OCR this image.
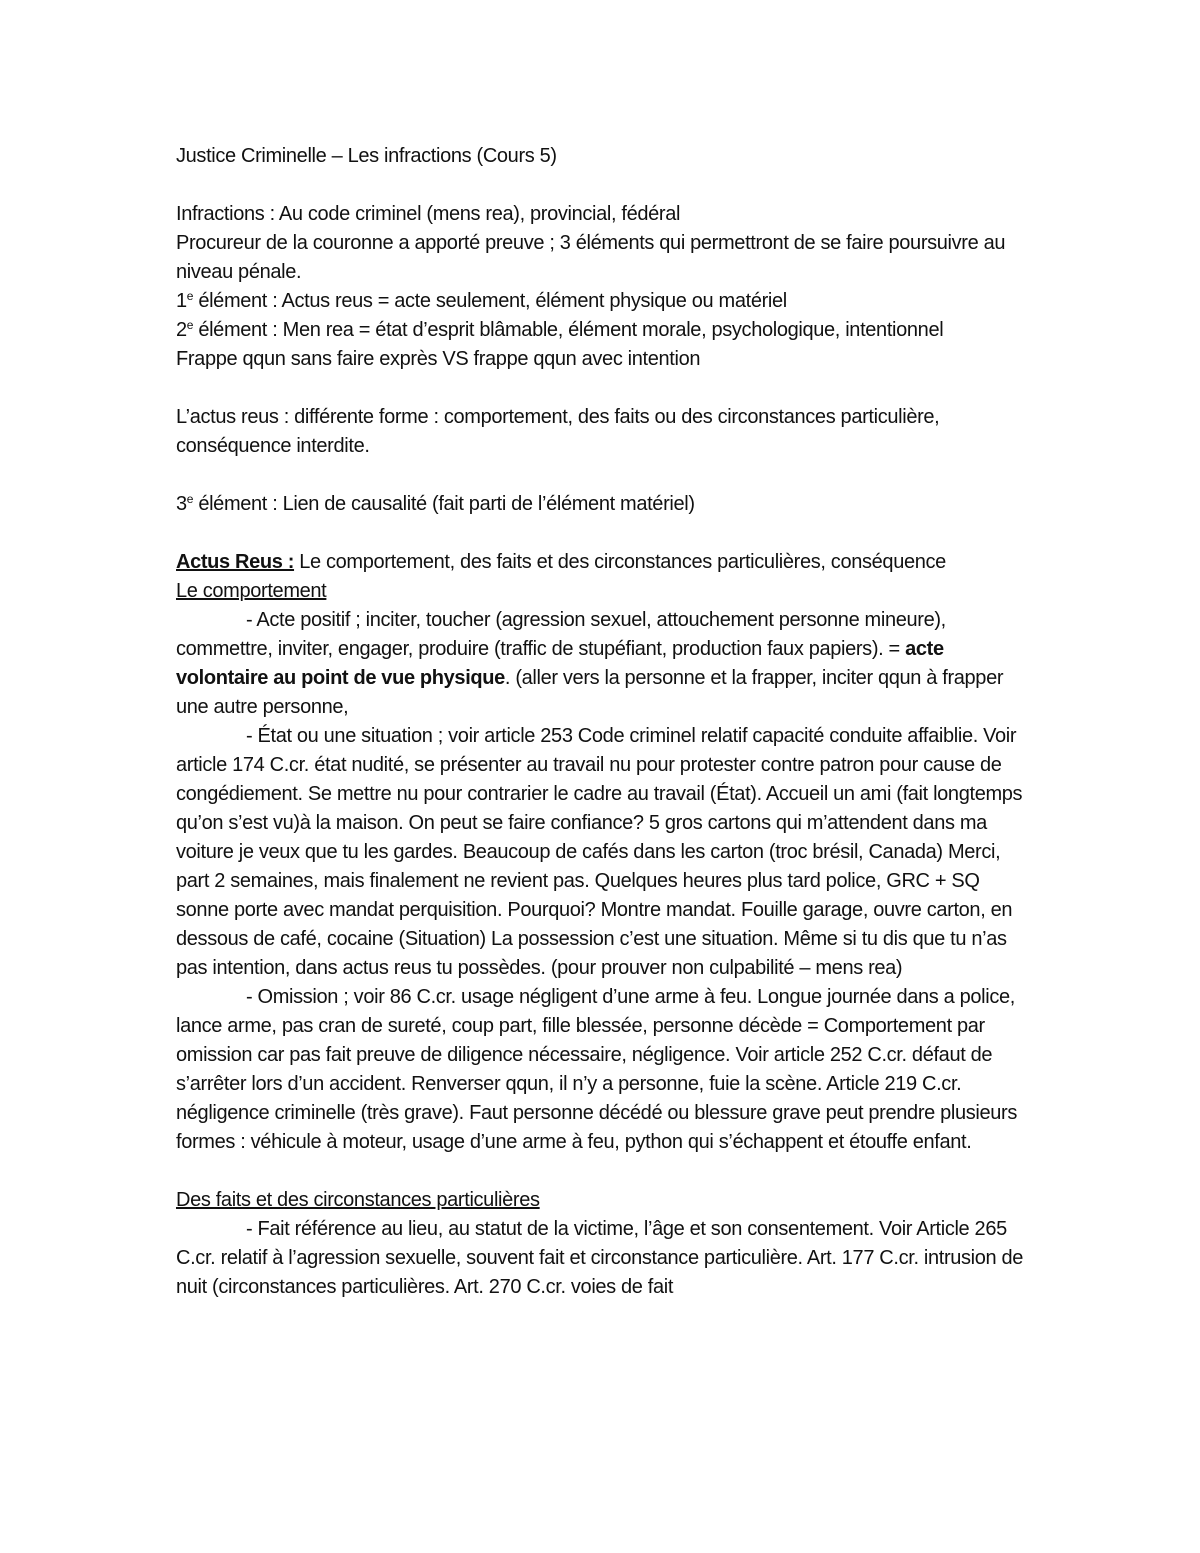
Justice Criminelle – Les infractions (Cours 5)

Infractions : Au code criminel (mens rea), provincial, fédéral

Procureur de la couronne a apporté preuve ; 3 éléments qui permettront de se faire poursuivre au niveau pénale.

1e élément : Actus reus = acte seulement, élément physique ou matériel

2e élément : Men rea = état d’esprit blâmable, élément morale, psychologique, intentionnel

Frappe qqun sans faire exprès VS frappe qqun avec intention

L’actus reus : différente forme : comportement, des faits ou des circonstances particulière, conséquence interdite.

3e élément : Lien de causalité (fait parti de l’élément matériel)

Actus Reus : Le comportement, des faits et des circonstances particulières, conséquence

Le comportement

- Acte positif ; inciter, toucher (agression sexuel, attouchement personne mineure), commettre, inviter, engager, produire (traffic de stupéfiant, production faux papiers). = acte volontaire au point de vue physique. (aller vers la personne et la frapper, inciter qqun à frapper une autre personne,

- État ou une situation ; voir article 253 Code criminel relatif capacité conduite affaiblie. Voir article 174 C.cr. état nudité, se présenter au travail nu pour protester contre patron pour cause de congédiement. Se mettre nu pour contrarier le cadre au travail (État). Accueil un ami (fait longtemps qu’on s’est vu)à la maison. On peut se faire confiance? 5 gros cartons qui m’attendent dans ma voiture je veux que tu les gardes. Beaucoup de cafés dans les carton (troc brésil, Canada) Merci, part 2 semaines, mais finalement ne revient pas. Quelques heures plus tard police, GRC + SQ sonne porte avec mandat perquisition. Pourquoi? Montre mandat. Fouille garage, ouvre carton, en dessous de café, cocaine (Situation) La possession c’est une situation. Même si tu dis que tu n’as pas intention, dans actus reus tu possèdes. (pour prouver non culpabilité – mens rea)

- Omission ; voir 86 C.cr. usage négligent d’une arme à feu. Longue journée dans a police, lance arme, pas cran de sureté, coup part, fille blessée, personne décède = Comportement par omission car pas fait preuve de diligence nécessaire, négligence. Voir article 252 C.cr. défaut de s’arrêter lors d’un accident. Renverser qqun, il n’y a personne, fuie la scène. Article 219 C.cr. négligence criminelle (très grave). Faut personne décédé ou blessure grave peut prendre plusieurs formes : véhicule à moteur, usage d’une arme à feu, python qui s’échappent et étouffe enfant.

Des faits et des circonstances particulières

- Fait référence au lieu, au statut de la victime, l’âge et son consentement. Voir Article 265 C.cr. relatif à l’agression sexuelle, souvent fait et circonstance particulière. Art. 177 C.cr. intrusion de nuit (circonstances particulières. Art. 270 C.cr. voies de fait
